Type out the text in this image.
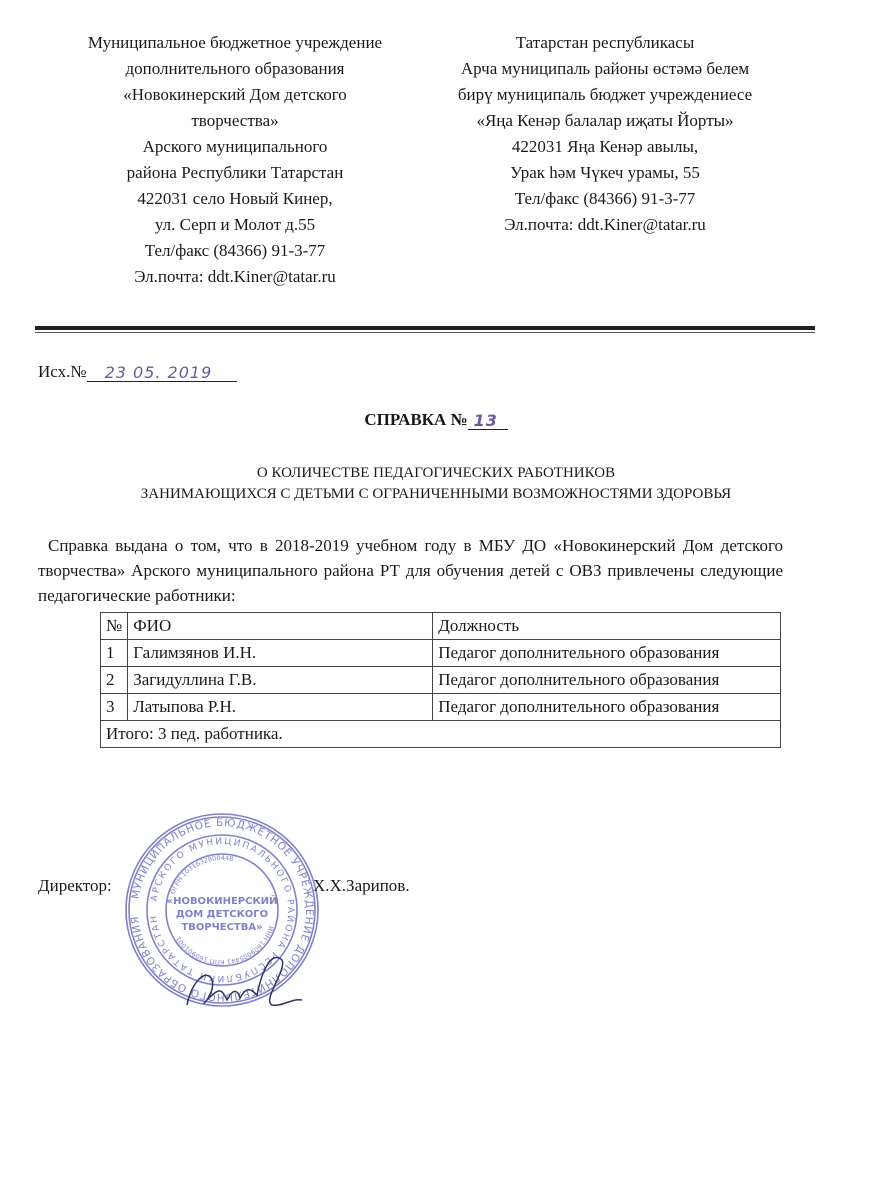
Муниципальное бюджетное учреждение
дополнительного образования
«Новокинерский Дом детского
творчества»
Арского муниципального
района Республики Татарстан
422031 село Новый Кинер,
ул. Серп и Молот д.55
Тел/факс (84366) 91-3-77
Эл.почта: ddt.Kiner@tatar.ru
Татарстан республикасы
Арча муниципаль районы өстәмә белем
бирү муниципаль бюджет учреждениесе
«Яңа Кенәр балалар иҗаты Йорты»
422031 Яңа Кенәр авылы,
Урак һәм Чүкеч урамы, 55
Тел/факс (84366) 91-3-77
Эл.почта: ddt.Kiner@tatar.ru
Исх.№ 23 05. 2019
СПРАВКА № 13
О КОЛИЧЕСТВЕ ПЕДАГОГИЧЕСКИХ РАБОТНИКОВ
ЗАНИМАЮЩИХСЯ С ДЕТЬМИ С ОГРАНИЧЕННЫМИ ВОЗМОЖНОСТЯМИ ЗДОРОВЬЯ
Справка выдана о том, что в 2018-2019 учебном году в МБУ ДО «Новокинерский Дом детского творчества» Арского муниципального района РТ для обучения детей с ОВЗ привлечены следующие педагогические работники:
№	ФИО	Должность
1	Галимзянов И.Н.	Педагог дополнительного образования
2	Загидуллина Г.В.	Педагог дополнительного образования
3	Латыпова Р.Н.	Педагог дополнительного образования
Итого: 3 пед. работника.		
МУНИЦИПАЛЬНОЕ БЮДЖЕТНОЕ УЧРЕЖДЕНИЕ ДОПОЛНИТЕЛЬНОГО ОБРАЗОВАНИЯ
АРСКОГО МУНИЦИПАЛЬНОГО РАЙОНА РЕСПУБЛИКИ ТАТАРСТАН
ОГРН 1031632800448
ИНН 1609005441 КПП 160901001
«НОВОКИНЕРСКИЙ
ДОМ ДЕТСКОГО
ТВОРЧЕСТВА»
Директор:	Х.Х.Зарипов.
